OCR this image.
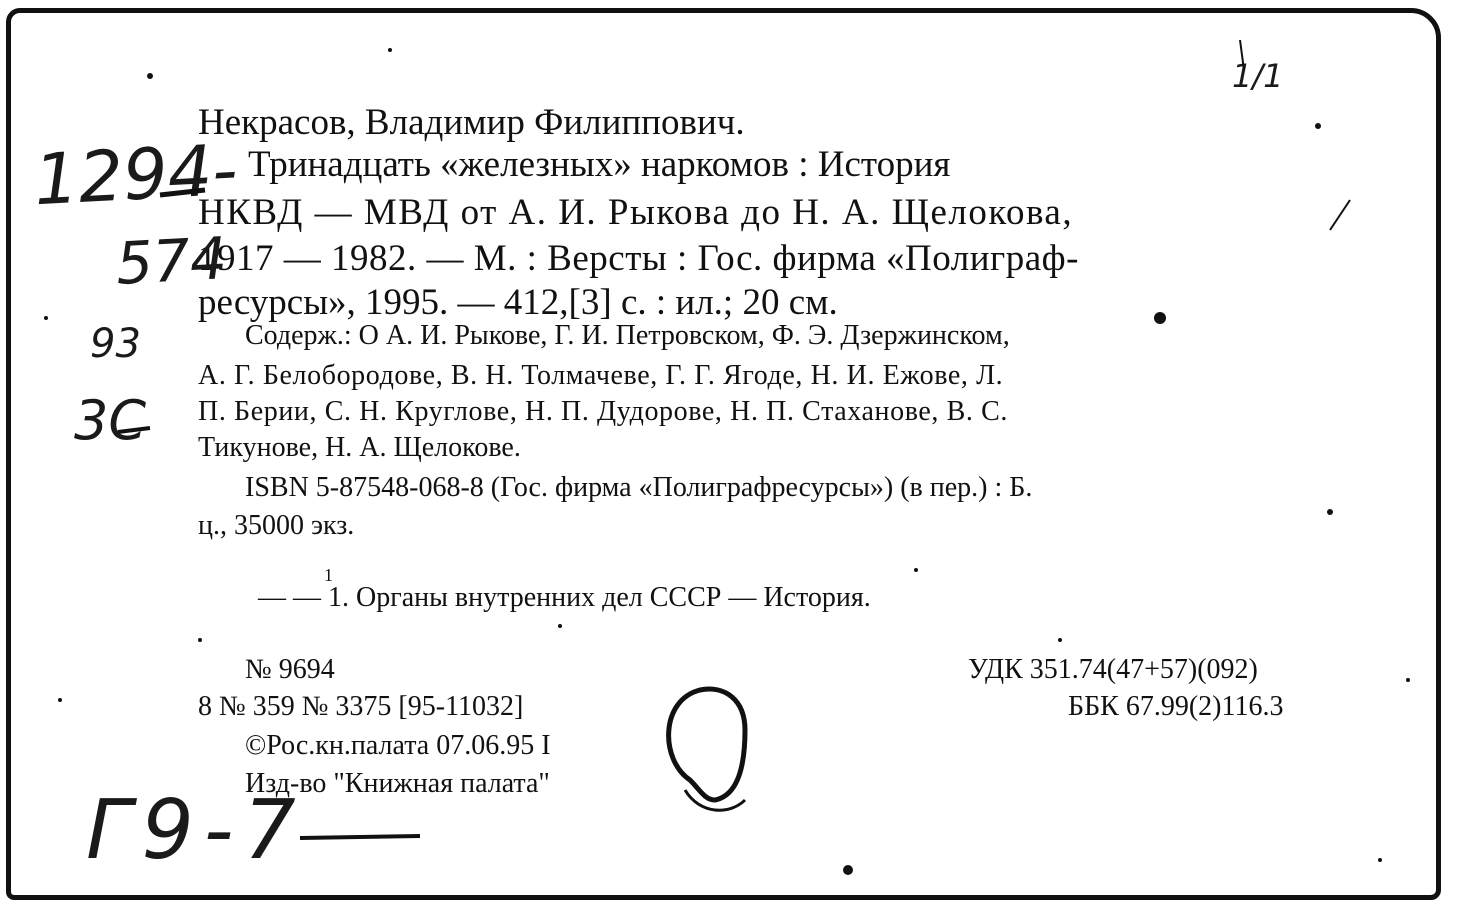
Некрасов, Владимир Филиппович.
Тринадцать «железных» наркомов : История
НКВД — МВД от А. И. Рыкова до Н. А. Щелокова,
1917 — 1982. — М. : Версты : Гос. фирма «Полиграф-
ресурсы», 1995. — 412,[3] с. : ил.; 20 см.
Содерж.: О А. И. Рыкове, Г. И. Петровском, Ф. Э. Дзержинском,
А. Г. Белобородове, В. Н. Толмачеве, Г. Г. Ягоде, Н. И. Ежове, Л.
П. Берии, С. Н. Круглове, Н. П. Дудорове, Н. П. Стаханове, В. С.
Тикунове, Н. А. Щелокове.
ISBN 5-87548-068-8 (Гос. фирма «Полиграфресурсы») (в пер.) : Б.
ц., 35000 экз.
1
— — 1. Органы внутренних дел СССР — История.
№ 9694	УДК 351.74(47+57)(092)
8 № 359 № 3375 [95-11032]	ББК 67.99(2)116.3
©Рос.кн.палата 07.06.95 I
Изд-во "Книжная палата"
1294-
574
93
3С
Г9-7
1/1
